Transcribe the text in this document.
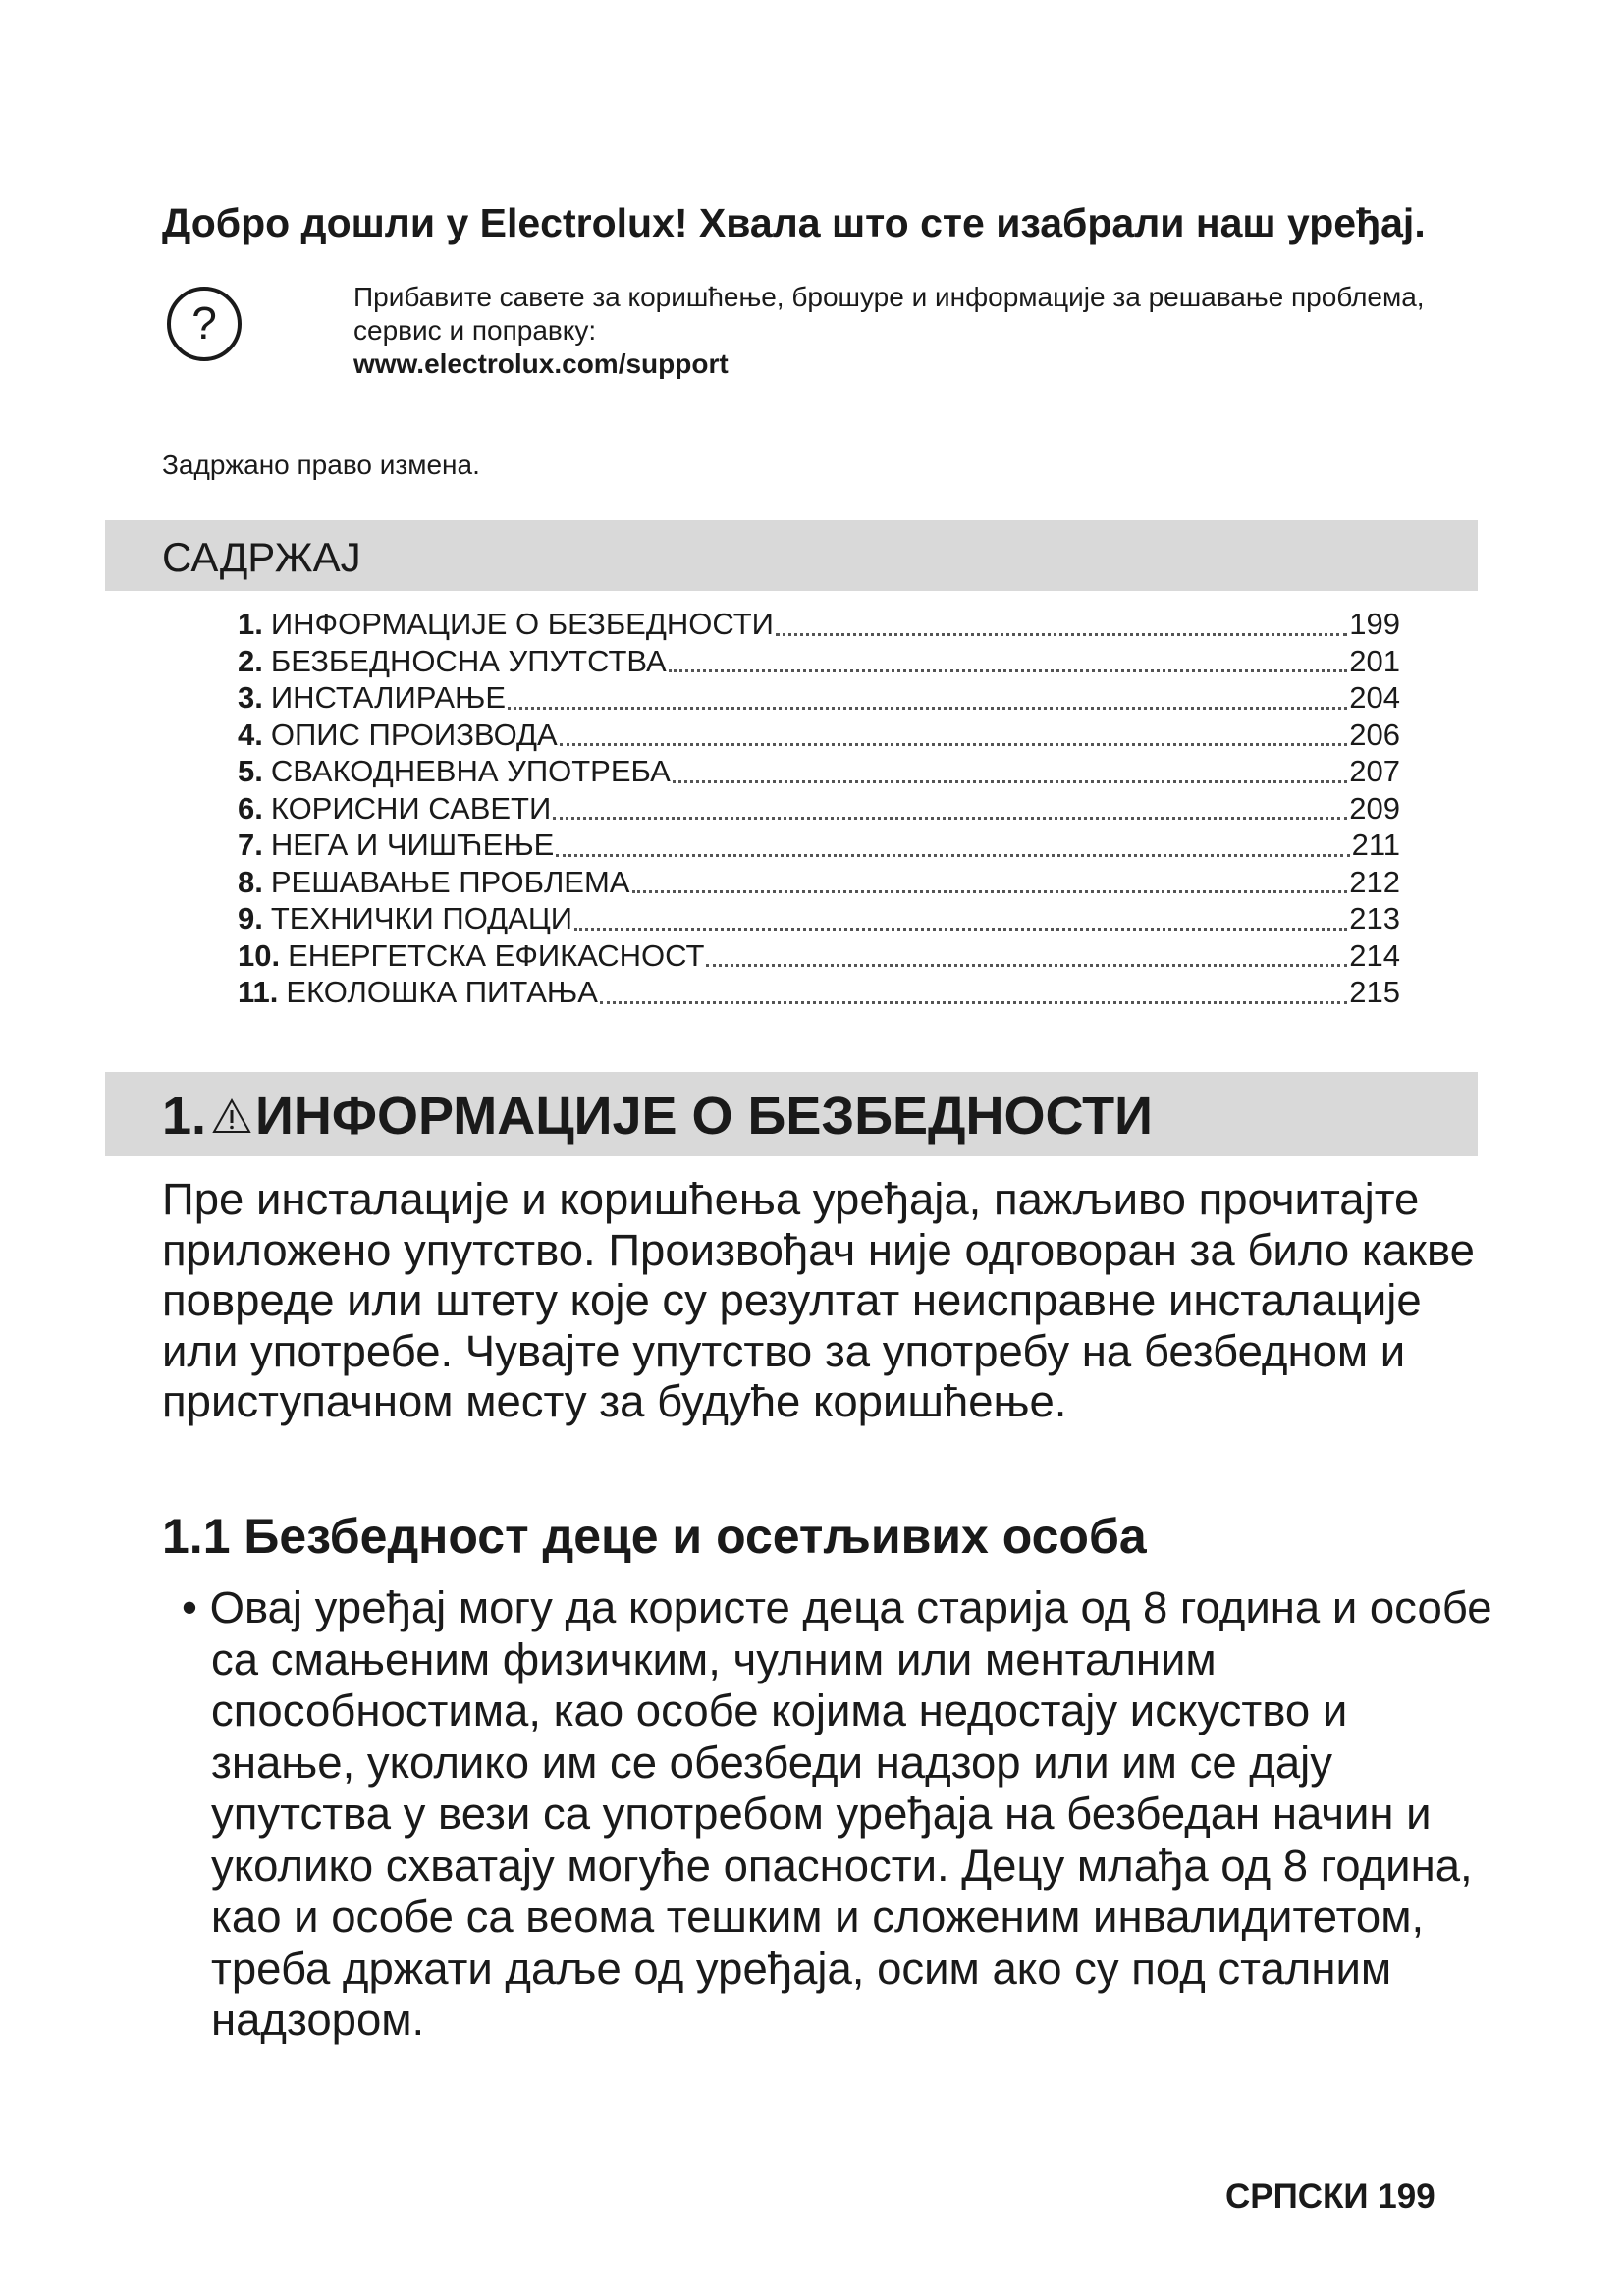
Добро дошли у Electrolux! Хвала што сте изабрали наш уређај.
?
Прибавите савете за коришћење, брошуре и информације за решавање проблема, сервис и поправку:
www.electrolux.com/support
Задржано право измена.
САДРЖАЈ
1. ИНФОРМАЦИЈЕ О БЕЗБЕДНОСТИ	199
2. БЕЗБЕДНОСНА УПУТСТВА	201
3. ИНСТАЛИРАЊЕ	204
4. ОПИС ПРОИЗВОДА	206
5. СВАКОДНЕВНА УПОТРЕБА	207
6. КОРИСНИ САВЕТИ	209
7. НЕГА И ЧИШЋЕЊЕ	211
8. РЕШАВАЊЕ ПРОБЛЕМА	212
9. ТЕХНИЧКИ ПОДАЦИ	213
10. ЕНЕРГЕТСКА ЕФИКАСНОСТ	214
11. ЕКОЛОШКА ПИТАЊА	215
1. ИНФОРМАЦИЈЕ О БЕЗБЕДНОСТИ

Пре инсталације и коришћења уређаја, пажљиво прочитајте приложено упутство. Произвођач није одговоран за било какве повреде или штету које су резултат неисправне инсталације или употребе. Чувајте упутство за употребу на безбедном и приступачном месту за будуће коришћење.

1.1 Безбедност деце и осетљивих особа

• Овај уређај могу да користе деца старија од 8 година и особе са смањеним физичким, чулним или менталним способностима, као особе којима недостају искуство и знање, уколико им се обезбеди надзор или им се дају упутства у вези са употребом уређаја на безбедан начин и уколико схватају могуће опасности. Децу млађа од 8 година, као и особе са веома тешким и сложеним инвалидитетом, треба држати даље од уређаја, осим ако су под сталним надзором.

СРПСКИ 199
